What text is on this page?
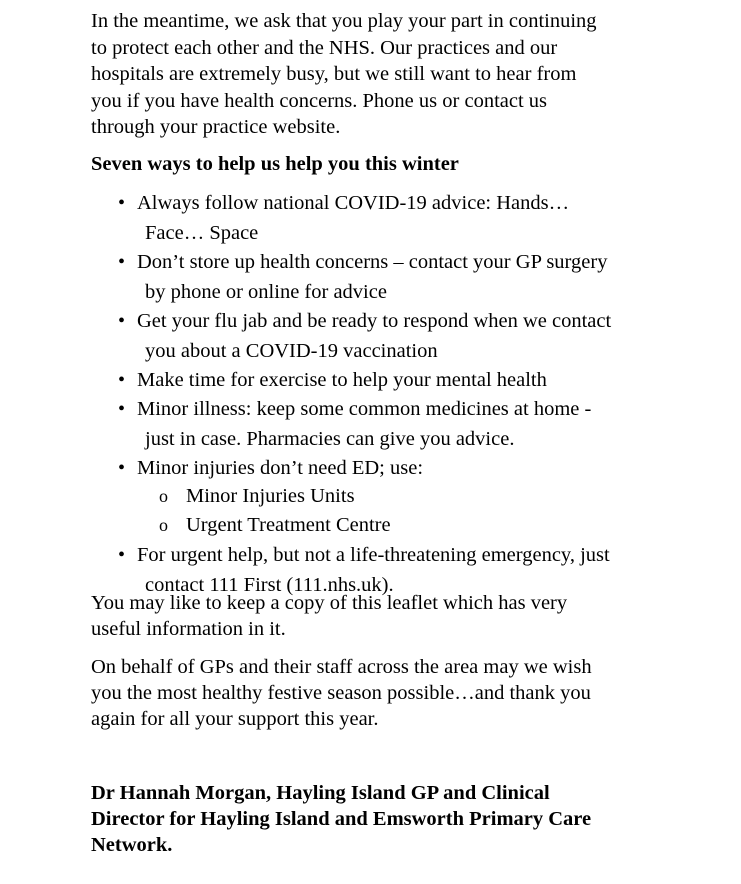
In the meantime, we ask that you play your part in continuing
to protect each other and the NHS. Our practices and our
hospitals are extremely busy, but we still want to hear from
you if you have health concerns. Phone us or contact us
through your practice website.

Seven ways to help us help you this winter

• Always follow national COVID-19 advice: Hands…
Face… Space
• Don’t store up health concerns – contact your GP surgery
by phone or online for advice
• Get your flu jab and be ready to respond when we contact
you about a COVID-19 vaccination
• Make time for exercise to help your mental health
• Minor illness: keep some common medicines at home -
just in case. Pharmacies can give you advice.
• Minor injuries don’t need ED; use:
o Minor Injuries Units
o Urgent Treatment Centre
• For urgent help, but not a life-threatening emergency, just
contact 111 First (111.nhs.uk).

You may like to keep a copy of this leaflet which has very
useful information in it.

On behalf of GPs and their staff across the area may we wish
you the most healthy festive season possible…and thank you
again for all your support this year.

Dr Hannah Morgan, Hayling Island GP and Clinical
Director for Hayling Island and Emsworth Primary Care
Network.
